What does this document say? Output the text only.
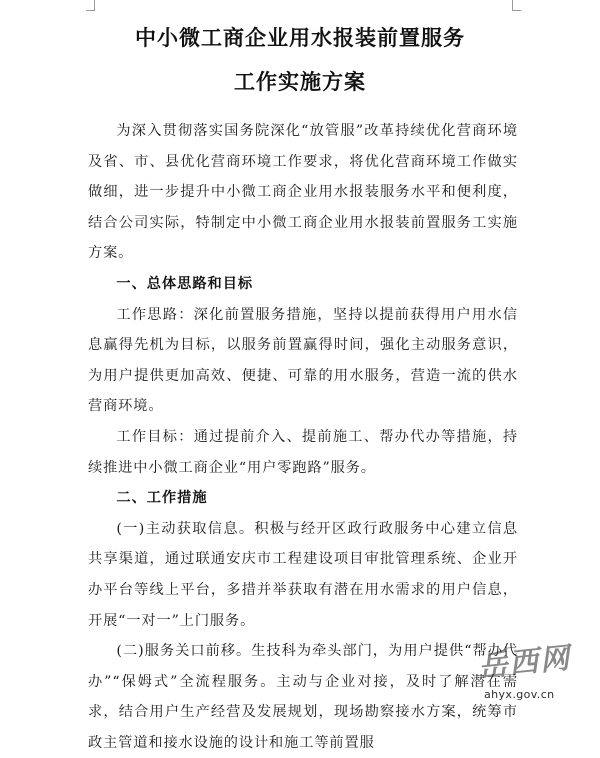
中小微工商企业用水报装前置服务
工作实施方案

为深入贯彻落实国务院深化“放管服”改革持续优化营商环境及省、市、县优化营商环境工作要求，将优化营商环境工作做实做细，进一步提升中小微工商企业用水报装服务水平和便利度，结合公司实际，特制定中小微工商企业用水报装前置服务工实施方案。

一、总体思路和目标

工作思路：深化前置服务措施，坚持以提前获得用户用水信息赢得先机为目标，以服务前置赢得时间，强化主动服务意识，为用户提供更加高效、便捷、可靠的用水服务，营造一流的供水营商环境。

工作目标：通过提前介入、提前施工、帮办代办等措施，持续推进中小微工商企业“用户零跑路”服务。

二、工作措施

(一)主动获取信息。积极与经开区政行政服务中心建立信息共享渠道，通过联通安庆市工程建设项目审批管理系统、企业开办平台等线上平台，多措并举获取有潜在用水需求的用户信息，开展“一对一”上门服务。

(二)服务关口前移。生技科为牵头部门，为用户提供“帮办代办”“保姆式”全流程服务。主动与企业对接，及时了解潜在需求，结合用户生产经营及发展规划，现场勘察接水方案，统筹市政主管道和接水设施的设计和施工等前置服

岳西网
ahyx.gov.cn
